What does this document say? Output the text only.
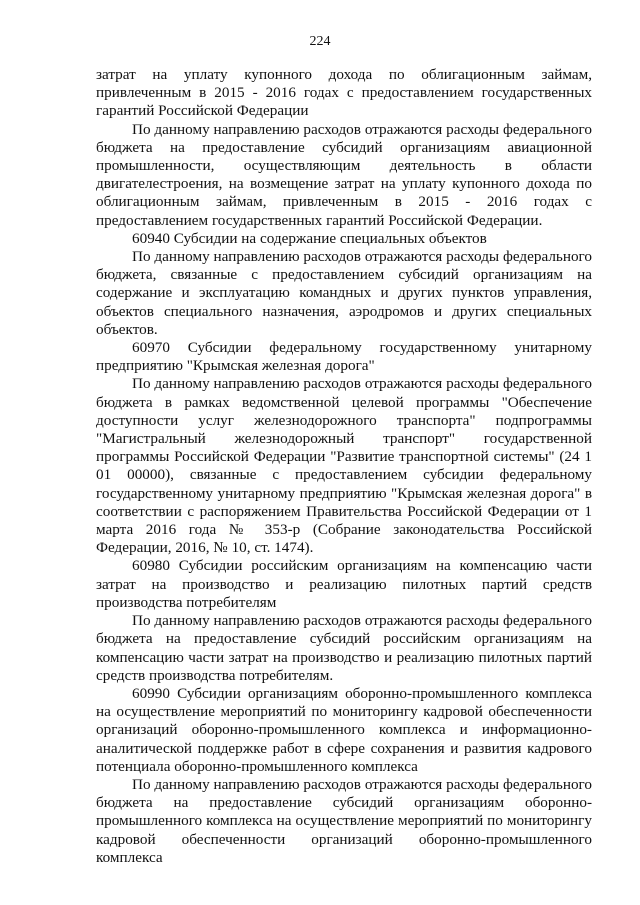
224

затрат на уплату купонного дохода по облигационным займам, привлеченным в 2015 - 2016 годах с предоставлением государственных гарантий Российской Федерации

По данному направлению расходов отражаются расходы федерального бюджета на предоставление субсидий организациям авиационной промышленности, осуществляющим деятельность в области двигателестроения, на возмещение затрат на уплату купонного дохода по облигационным займам, привлеченным в 2015 - 2016 годах с предоставлением государственных гарантий Российской Федерации.

60940 Субсидии на содержание специальных объектов

По данному направлению расходов отражаются расходы федерального бюджета, связанные с предоставлением субсидий организациям на содержание и эксплуатацию командных и других пунктов управления, объектов специального назначения, аэродромов и других специальных объектов.

60970 Субсидии федеральному государственному унитарному предприятию "Крымская железная дорога"

По данному направлению расходов отражаются расходы федерального бюджета в рамках ведомственной целевой программы "Обеспечение доступности услуг железнодорожного транспорта" подпрограммы "Магистральный железнодорожный транспорт" государственной программы Российской Федерации "Развитие транспортной системы" (24 1 01 00000), связанные с предоставлением субсидии федеральному государственному унитарному предприятию "Крымская железная дорога" в соответствии с распоряжением Правительства Российской Федерации от 1 марта 2016 года № 353-р (Собрание законодательства Российской Федерации, 2016, № 10, ст. 1474).

60980 Субсидии российским организациям на компенсацию части затрат на производство и реализацию пилотных партий средств производства потребителям

По данному направлению расходов отражаются расходы федерального бюджета на предоставление субсидий российским организациям на компенсацию части затрат на производство и реализацию пилотных партий средств производства потребителям.

60990 Субсидии организациям оборонно-промышленного комплекса на осуществление мероприятий по мониторингу кадровой обеспеченности организаций оборонно-промышленного комплекса и информационно-аналитической поддержке работ в сфере сохранения и развития кадрового потенциала оборонно-промышленного комплекса

По данному направлению расходов отражаются расходы федерального бюджета на предоставление субсидий организациям оборонно-промышленного комплекса на осуществление мероприятий по мониторингу кадровой обеспеченности организаций оборонно-промышленного комплекса
